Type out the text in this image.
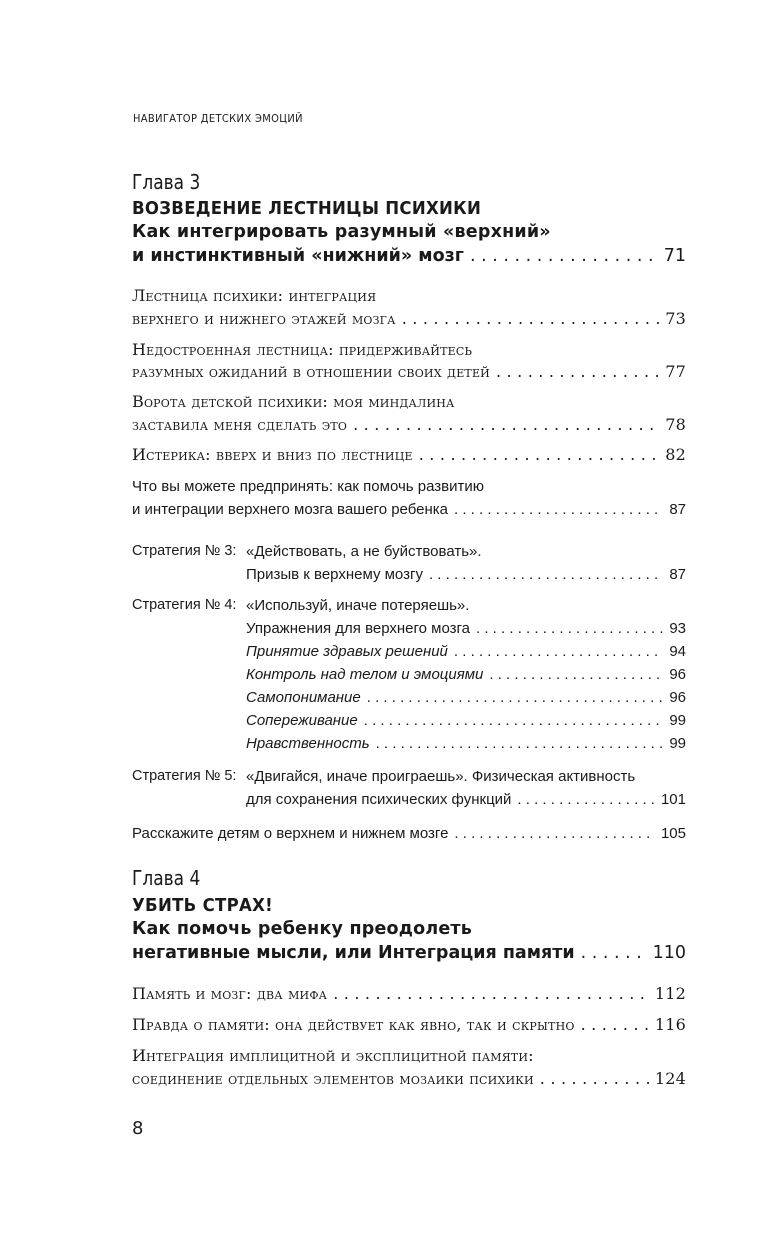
НАВИГАТОР ДЕТСКИХ ЭМОЦИЙ
Глава 3
ВОЗВЕДЕНИЕ ЛЕСТНИЦЫ ПСИХИКИ
Как интегрировать разумный «верхний»
и инстинктивный «нижний» мозг . . .	71
Лестница психики: интеграция
верхнего и нижнего этажей мозга . . .	73
Недостроенная лестница: придерживайтесь
разумных ожиданий в отношении своих детей . . .	77
Ворота детской психики: моя миндалина
заставила меня сделать это . . .	78
Истерика: вверх и вниз по лестнице . . .	82
Что вы можете предпринять: как помочь развитию
и интеграции верхнего мозга вашего ребенка . . .	87
Стратегия № 3: «Действовать, а не буйствовать».
Призыв к верхнему мозгу . . .	87
Стратегия № 4: «Используй, иначе потеряешь».
Упражнения для верхнего мозга . . .	93
Принятие здравых решений . . .	94
Контроль над телом и эмоциями . . .	96
Самопонимание . . .	96
Сопереживание . . .	99
Нравственность . . .	99
Стратегия № 5: «Двигайся, иначе проиграешь». Физическая активность
для сохранения психических функций . . .	101
Расскажите детям о верхнем и нижнем мозге . . .	105
Глава 4
УБИТЬ СТРАХ!
Как помочь ребенку преодолеть
негативные мысли, или Интеграция памяти . . .	110
Память и мозг: два мифа . . .	112
Правда о памяти: она действует как явно, так и скрытно . . .	116
Интеграция имплицитной и эксплицитной памяти:
соединение отдельных элементов мозаики психики . . .	124
8
